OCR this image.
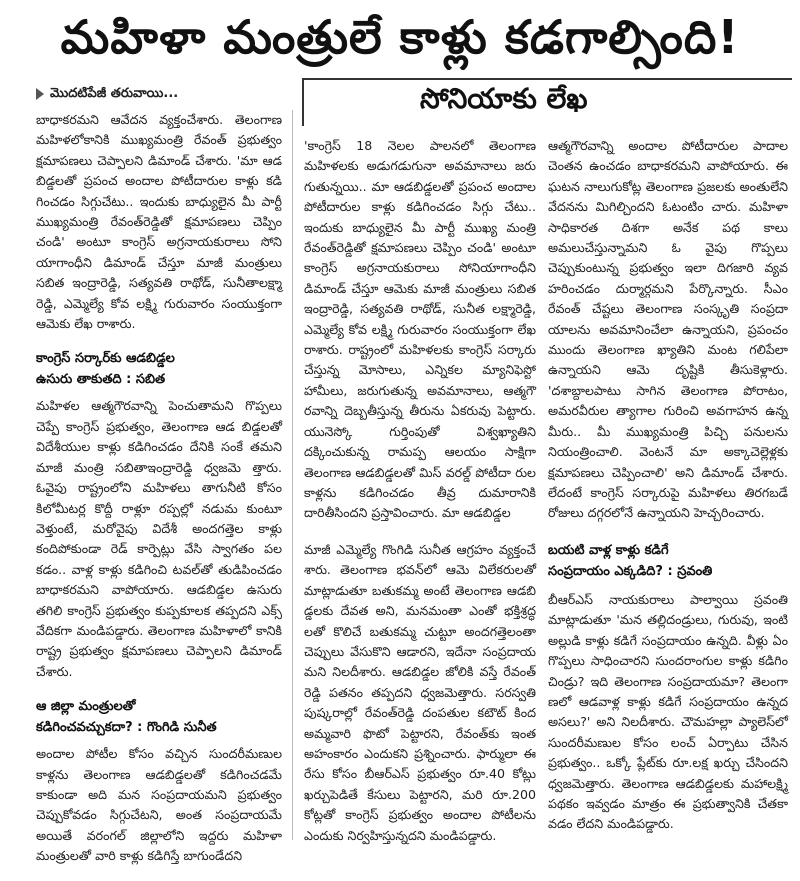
మహిళా మంత్రులే కాళ్లు కడగాల్సింది!
మొదటిపేజీ తరువాయి...	సోనియాకు లేఖ

బాధాకరమని ఆవేదన వ్యక్తంచేశారు. తెలంగాణ మహిళలోకానికి ముఖ్యమంత్రి రేవంత్ ప్రభుత్వం క్షమాపణలు చెప్పాలని డిమాండ్ చేశారు. 'మా ఆడ బిడ్డలతో ప్రపంచ అందాల పోటీదారుల కాళ్లు కడి గించడం సిగ్గుచేటు.. ఇందుకు బాధ్యులైన మీ పార్టీ ముఖ్యమంత్రి రేవంత్‌రెడ్డితో క్షమాపణలు చెప్పిం చండి' అంటూ కాంగ్రెస్ అగ్రనాయకురాలు సోని యాగాంధీని డిమాండ్ చేస్తూ మాజీ మంత్రులు సబిత ఇంద్రారెడ్డి, సత్యవతి రాథోడ్, సునీతాలక్ష్మా రెడ్డి, ఎమ్మెల్యే కోవ లక్ష్మి గురువారం సంయుక్తంగా ఆమెకు లేఖ రాశారు.

కాంగ్రెస్ సర్కార్‌కు ఆడబిడ్డల
ఉసురు తాకుతది : సబిత

మహిళల ఆత్మగౌరవాన్ని పెంచుతామని గొప్పలు చెప్పే కాంగ్రెస్ ప్రభుత్వం, తెలంగాణ ఆడ బిడ్డలతో విదేశీయుల కాళ్లు కడిగించడం దేనికి సంకే తమని మాజీ మంత్రి సబితాఇంద్రారెడ్డి ధ్వజమె త్తారు. ఓవైపు రాష్ట్రంలోని మహిళలు తాగునీటి కోసం కిలోమీటర్ల కొద్దీ రాళ్లూ రప్పల్లో నడుమ కుంటూ వెళ్తుంటే, మరోవైపు విదేశీ అందగత్తెల కాళ్లు కందిపోకుండా రెడ్ కార్పెట్లు వేసి స్వాగతం పల కడం.. వాళ్ల కాళ్లు కడిగించి టవల్‌తో తుడిపించడం బాధాకరమని వాపోయారు. ఆడబిడ్డల ఉసురు తగిలి కాంగ్రెస్ ప్రభుత్వం కుప్పకూలక తప్పదని ఎక్స్ వేదికగా మండిపడ్డారు. తెలంగాణ మహిళాలో కానికి రాష్ట్ర ప్రభుత్వం క్షమాపణలు చెప్పాలని డిమాండ్ చేశారు.

ఆ జిల్లా మంత్రులతో
కడిగించవచ్చుకదా? : గొంగిడి సునీత

అందాల పోటీల కోసం వచ్చిన సుందరీమణుల కాళ్లను తెలంగాణ ఆడబిడ్డలతో కడిగించడమే కాకుండా అది మన సంప్రదాయమని ప్రభుత్వం చెప్పుకోవడం సిగ్గుచేటని, అంత సంప్రదాయమే అయితే వరంగల్ జిల్లాలోని ఇద్దరు మహిళా మంత్రులతో వారి కాళ్లు కడిగిస్తే బాగుండేదని

'కాంగ్రెస్ 18 నెలల పాలనలో తెలంగాణ మహిళలకు అడుగడుగునా అవమానాలు జరు గుతున్నయి.. మా ఆడబిడ్డలతో ప్రపంచ అందాల పోటీదారుల కాళ్లు కడిగించడం సిగ్గు చేటు.. ఇందుకు బాధ్యులైన మీ పార్టీ ముఖ్య మంత్రి రేవంత్‌రెడ్డితో క్షమాపణలు చెప్పిం చండి' అంటూ కాంగ్రెస్ అగ్రనాయకురాలు సోనియాగాంధీని డిమాండ్ చేస్తూ ఆమెకు మాజీ మంత్రులు సబిత ఇంద్రారెడ్డి, సత్యవతి రాథోడ్, సునీత లక్ష్మారెడ్డి, ఎమ్మెల్యే కోవ లక్ష్మి గురువారం సంయుక్తంగా లేఖ రాశారు. రాష్ట్రంలో మహిళలకు కాంగ్రెస్ సర్కారు చేస్తున్న మోసాలు, ఎన్నికల మ్యానిఫెస్టో హామీలు, జరుగుతున్న అవమానాలు, ఆత్మగౌ రవాన్ని దెబ్బతీస్తున్న తీరును ఏకరువు పెట్టారు. యునెస్కో గుర్తింపుతో విశ్వఖ్యాతిని దక్కించుకున్న రామప్ప ఆలయం సాక్షిగా తెలంగాణ ఆడబిడ్డలతో మిస్ వరల్డ్ పోటీదా రుల కాళ్లను కడిగించడం తీవ్ర దుమారానికి దారితీసిందని ప్రస్తావించారు. మా ఆడబిడ్డల

ఆత్మగౌరవాన్ని అందాల పోటీదారుల పాదాల చెంతన ఉంచడం బాధాకరమని వాపోయారు. ఈ ఘటన నాలుగుకోట్ల తెలంగాణ ప్రజలకు అంతులేని వేదనను మిగిల్చిందని ఓటంటిం చారు. మహిళా సాధికారత దిశగా అనేక పథ కాలు అమలుచేస్తున్నామని ఓ వైపు గొప్పలు చెప్పుకుంటున్న ప్రభుత్వం ఇలా దిగజారి వ్యవ హరించడం దుర్మార్గమని పేర్కొన్నారు. సీఎం రేవంత్ చేష్టలు తెలంగాణ సంస్కృతి సంప్రదా యాలను అవమానించేలా ఉన్నాయని, ప్రపంచం ముందు తెలంగాణ ఖ్యాతిని మంట గలిపేలా ఉన్నాయని ఆమె దృష్టికి తీసుకెళ్లారు. 'దశాబ్దాలపాటు సాగిన తెలంగాణ పోరాటం, అమరవీరుల త్యాగాల గురించి అవగాహన ఉన్న మీరు.. మీ ముఖ్యమంత్రి పిచ్చి పనులను నియంత్రించాలి. వెంటనే మా అక్కాచెల్లెళ్లకు క్షమాపణలు చెప్పించాలి' అని డిమాండ్ చేశారు. లేదంటే కాంగ్రెస్ సర్కారుపై మహిళలు తిరగబడే రోజులు దగ్గరలోనే ఉన్నాయని హెచ్చరించారు.

మాజీ ఎమ్మెల్యే గొంగిడి సునీత ఆగ్రహం వ్యక్తంచే శారు. తెలంగాణ భవన్‌లో ఆమె విలేకరులతో మాట్లాడుతూ బతుకమ్మ అంటే తెలంగాణ ఆడబి డ్డలకు దేవత అని, మనమంతా ఎంతో భక్తిశ్రద్ధ లతో కొలిచే బతుకమ్మ చుట్టూ అందగత్తెలంతా చెప్పులు వేసుకొని ఆడారని, ఇదేనా సంప్రదాయ మని నిలదీశారు. ఆడబిడ్డల జోలికి వస్తే రేవంత్ రెడ్డి పతనం తప్పదని ధ్వజమెత్తారు. సరస్వతి పుష్కరాల్లో రేవంత్‌రెడ్డి దంపతుల కటౌట్ కింద అమ్మవారి ఫొటో పెట్టారని, రేవంత్‌కు ఇంత అహంకారం ఎందుకని ప్రశ్నించారు. ఫార్ములా ఈ రేసు కోసం బీఆర్‌ఎస్ ప్రభుత్వం రూ.40 కోట్లు ఖర్చుపెడితే కేసులు పెట్టారని, మరి రూ.200 కోట్లతో కాంగ్రెస్ ప్రభుత్వం అందాల పోటీలను ఎందుకు నిర్వహిస్తున్నదని మండిపడ్డారు.

బయటి వాళ్ల కాళ్లు కడిగే
సంప్రదాయం ఎక్కడిది? : స్రవంతి

బీఆర్‌ఎస్ నాయకురాలు పాల్వాయి స్రవంతి మాట్లాడుతూ 'మన తల్లిదండ్రులు, గురువు, ఇంటి అల్లుడి కాళ్లు కడిగే సంప్రదాయం ఉన్నది. వీళ్లు ఏం గొప్పలు సాధించారని సుందరాంగుల కాళ్లు కడిగిం చిండ్రు? ఇది తెలంగాణ సంప్రదాయమా? తెలంగా ణలో ఆడవాళ్ల కాళ్లు కడిగే సంప్రదాయం ఉన్నద అసలు?' అని నిలదీశారు. చౌమహల్లా ప్యాలెస్‌లో సుందరీమణుల కోసం లంచ్ ఏర్పాటు చేసిన ప్రభుత్వం.. ఒక్కో ప్లేట్‌కు రూ.లక్ష ఖర్చు చేసిందని ధ్వజమెత్తారు. తెలంగాణ ఆడబిడ్డలకు మహాలక్ష్మి పథకం ఇవ్వడం మాత్రం ఈ ప్రభుత్వానికి చేతకా వడం లేదని మండిపడ్డారు.
